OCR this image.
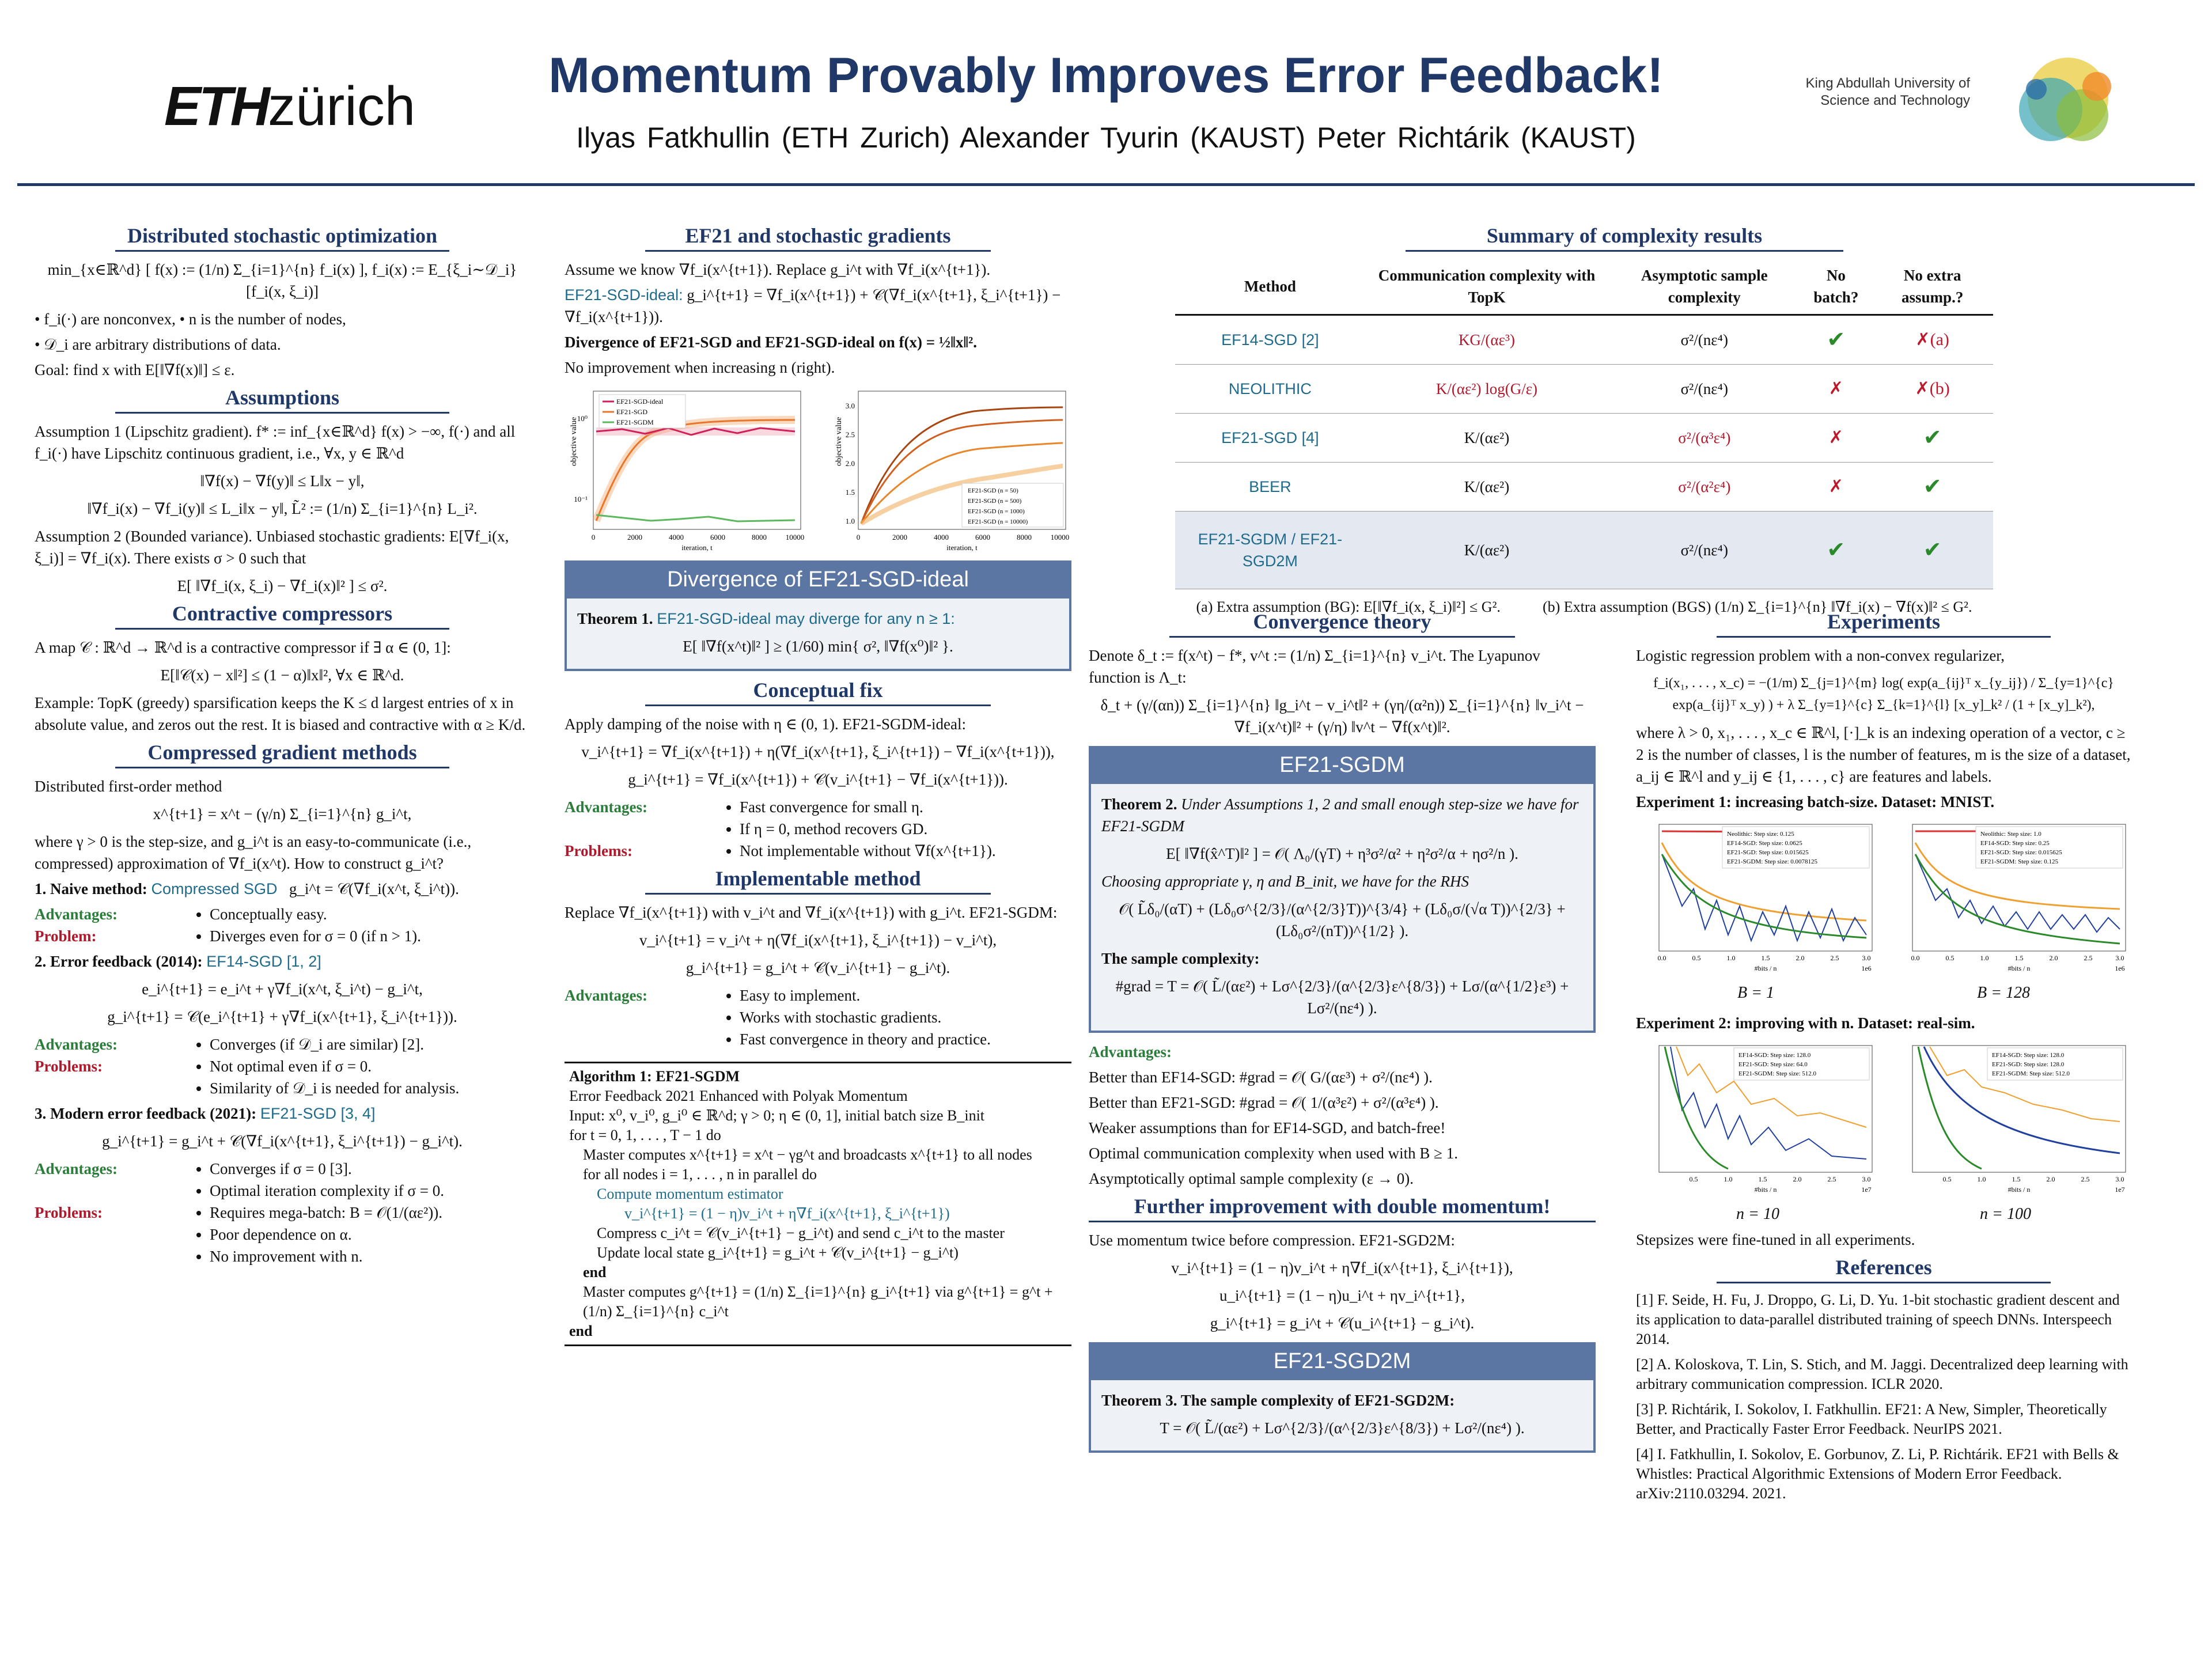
ETHzürich	Momentum Provably Improves Error Feedback!
Ilyas Fatkhullin (ETH Zurich) Alexander Tyurin (KAUST) Peter Richtárik (KAUST)
King Abdullah University of
Science and Technology
Distributed stochastic optimization
min_{x∈ℝ^d} [ f(x) := (1/n) Σ_{i=1}^{n} f_i(x) ], f_i(x) := E_{ξ_i∼𝒟_i}[f_i(x, ξ_i)]
• f_i(·) are nonconvex, • n is the number of nodes,
• 𝒟_i are arbitrary distributions of data.
Goal: find x with E[‖∇f(x)‖] ≤ ε.
Assumptions
Assumption 1 (Lipschitz gradient). f* := inf_{x∈ℝ^d} f(x) > −∞, f(·) and all f_i(·) have Lipschitz continuous gradient, i.e., ∀x, y ∈ ℝ^d
‖∇f(x) − ∇f(y)‖ ≤ L‖x − y‖,
‖∇f_i(x) − ∇f_i(y)‖ ≤ L_i‖x − y‖, L̃² := (1/n) Σ_{i=1}^{n} L_i².
Assumption 2 (Bounded variance). Unbiased stochastic gradients: E[∇f_i(x, ξ_i)] = ∇f_i(x). There exists σ > 0 such that
E[ ‖∇f_i(x, ξ_i) − ∇f_i(x)‖² ] ≤ σ².
Contractive compressors
A map 𝒞 : ℝ^d → ℝ^d is a contractive compressor if ∃ α ∈ (0, 1]:
E[‖𝒞(x) − x‖²] ≤ (1 − α)‖x‖², ∀x ∈ ℝ^d.
Example: TopK (greedy) sparsification keeps the K ≤ d largest entries of x in absolute value, and zeros out the rest. It is biased and contractive with α ≥ K/d.
Compressed gradient methods
Distributed first-order method
x^{t+1} = x^t − (γ/n) Σ_{i=1}^{n} g_i^t,
where γ > 0 is the step-size, and g_i^t is an easy-to-communicate (i.e., compressed) approximation of ∇f_i(x^t). How to construct g_i^t?
1. Naive method: Compressed SGD g_i^t = 𝒞(∇f_i(x^t, ξ_i^t)).
Advantages:	• Conceptually easy.
Problem:	• Diverges even for σ = 0 (if n > 1).
2. Error feedback (2014): EF14-SGD [1, 2]
e_i^{t+1} = e_i^t + γ∇f_i(x^t, ξ_i^t) − g_i^t,
g_i^{t+1} = 𝒞(e_i^{t+1} + γ∇f_i(x^{t+1}, ξ_i^{t+1})).
Advantages:	• Converges (if 𝒟_i are similar) [2].
Problems:	• Not optimal even if σ = 0.
• Similarity of 𝒟_i is needed for analysis.
3. Modern error feedback (2021): EF21-SGD [3, 4]
g_i^{t+1} = g_i^t + 𝒞(∇f_i(x^{t+1}, ξ_i^{t+1}) − g_i^t).
Advantages:	• Converges if σ = 0 [3].
• Optimal iteration complexity if σ = 0.
Problems:	• Requires mega-batch: B = 𝒪(1/(αε²)).
• Poor dependence on α.
• No improvement with n.
EF21 and stochastic gradients
Assume we know ∇f_i(x^{t+1}). Replace g_i^t with ∇f_i(x^{t+1}).
EF21-SGD-ideal: g_i^{t+1} = ∇f_i(x^{t+1}) + 𝒞(∇f_i(x^{t+1}, ξ_i^{t+1}) − ∇f_i(x^{t+1})).
Divergence of EF21-SGD and EF21-SGD-ideal on f(x) = ½‖x‖².
No improvement when increasing n (right).
objective value
10⁰
10⁻¹
0	2000	4000	6000	8000	10000
iteration, t
EF21-SGD-ideal
EF21-SGD
EF21-SGDM	objective value
1.0
1.5
2.0
2.5
3.0
0	2000	4000	6000	8000	10000
iteration, t
EF21-SGD (n = 50)
EF21-SGD (n = 500)
EF21-SGD (n = 1000)
EF21-SGD (n = 10000)
Divergence of EF21-SGD-ideal
Theorem 1. EF21-SGD-ideal may diverge for any n ≥ 1:
E[ ‖∇f(x^t)‖² ] ≥ (1/60) min{ σ², ‖∇f(x⁰)‖² }.
Conceptual fix
Apply damping of the noise with η ∈ (0, 1). EF21-SGDM-ideal:
v_i^{t+1} = ∇f_i(x^{t+1}) + η(∇f_i(x^{t+1}, ξ_i^{t+1}) − ∇f_i(x^{t+1})),
g_i^{t+1} = ∇f_i(x^{t+1}) + 𝒞(v_i^{t+1} − ∇f_i(x^{t+1})).
Advantages:	• Fast convergence for small η.
• If η = 0, method recovers GD.
Problems:	• Not implementable without ∇f(x^{t+1}).
Implementable method
Replace ∇f_i(x^{t+1}) with v_i^t and ∇f_i(x^{t+1}) with g_i^t. EF21-SGDM:
v_i^{t+1} = v_i^t + η(∇f_i(x^{t+1}, ξ_i^{t+1}) − v_i^t),
g_i^{t+1} = g_i^t + 𝒞(v_i^{t+1} − g_i^t).
Advantages:	• Easy to implement.
• Works with stochastic gradients.
• Fast convergence in theory and practice.
Algorithm 1: EF21-SGDM
Error Feedback 2021 Enhanced with Polyak Momentum
Input: x⁰, v_i⁰, g_i⁰ ∈ ℝ^d; γ > 0; η ∈ (0, 1], initial batch size B_init
for t = 0, 1, . . . , T − 1 do
Master computes x^{t+1} = x^t − γg^t and broadcasts x^{t+1} to all nodes
for all nodes i = 1, . . . , n in parallel do
Compute momentum estimator
v_i^{t+1} = (1 − η)v_i^t + η∇f_i(x^{t+1}, ξ_i^{t+1})
Compress c_i^t = 𝒞(v_i^{t+1} − g_i^t) and send c_i^t to the master
Update local state g_i^{t+1} = g_i^t + 𝒞(v_i^{t+1} − g_i^t)
end
Master computes g^{t+1} = (1/n) Σ_{i=1}^{n} g_i^{t+1} via g^{t+1} = g^t + (1/n) Σ_{i=1}^{n} c_i^t
end
Summary of complexity results
Method	Communication complexity with TopK	Asymptotic sample complexity	No batch?	No extra assump.?
EF14-SGD [2]	KG/(αε³)	σ²/(nε⁴)	✔	✗(a)
NEOLITHIC	K/(αε²) log(G/ε)	σ²/(nε⁴)	✗	✗(b)
EF21-SGD [4]	K/(αε²)	σ²/(α³ε⁴)	✗	✔
BEER	K/(αε²)	σ²/(α²ε⁴)	✗	✔
EF21-SGDM / EF21-SGD2M	K/(αε²)	σ²/(nε⁴)	✔	✔
(a) Extra assumption (BG): E[‖∇f_i(x, ξ_i)‖²] ≤ G².	(b) Extra assumption (BGS) (1/n) Σ_{i=1}^{n} ‖∇f_i(x) − ∇f(x)‖² ≤ G².
Convergence theory
Denote δ_t := f(x^t) − f*, v^t := (1/n) Σ_{i=1}^{n} v_i^t. The Lyapunov function is Λ_t:
δ_t + (γ/(αn)) Σ_{i=1}^{n} ‖g_i^t − v_i^t‖² + (γη/(α²n)) Σ_{i=1}^{n} ‖v_i^t − ∇f_i(x^t)‖² + (γ/η) ‖v^t − ∇f(x^t)‖².
EF21-SGDM
Theorem 2. Under Assumptions 1, 2 and small enough step-size we have for EF21-SGDM
E[ ‖∇f(x̂^T)‖² ] = 𝒪( Λ₀/(γT) + η³σ²/α² + η²σ²/α + ησ²/n ).
Choosing appropriate γ, η and B_init, we have for the RHS
𝒪( L̃δ₀/(αT) + (Lδ₀σ^{2/3}/(α^{2/3}T))^{3/4} + (Lδ₀σ/(√α T))^{2/3} + (Lδ₀σ²/(nT))^{1/2} ).
The sample complexity:
#grad = T = 𝒪( L̃/(αε²) + Lσ^{2/3}/(α^{2/3}ε^{8/3}) + Lσ/(α^{1/2}ε³) + Lσ²/(nε⁴) ).
Advantages:
Better than EF14-SGD: #grad = 𝒪( G/(αε³) + σ²/(nε⁴) ).
Better than EF21-SGD: #grad = 𝒪( 1/(α³ε²) + σ²/(α³ε⁴) ).
Weaker assumptions than for EF14-SGD, and batch-free!
Optimal communication complexity when used with B ≥ 1.
Asymptotically optimal sample complexity (ε → 0).
Further improvement with double momentum!
Use momentum twice before compression. EF21-SGD2M:
v_i^{t+1} = (1 − η)v_i^t + η∇f_i(x^{t+1}, ξ_i^{t+1}),
u_i^{t+1} = (1 − η)u_i^t + ηv_i^{t+1},
g_i^{t+1} = g_i^t + 𝒞(u_i^{t+1} − g_i^t).
EF21-SGD2M
Theorem 3. The sample complexity of EF21-SGD2M:
T = 𝒪( L̃/(αε²) + Lσ^{2/3}/(α^{2/3}ε^{8/3}) + Lσ²/(nε⁴) ).
Experiments
Logistic regression problem with a non-convex regularizer,
f_i(x₁, . . . , x_c) = −(1/m) Σ_{j=1}^{m} log( exp(a_{ij}ᵀ x_{y_ij}) / Σ_{y=1}^{c} exp(a_{ij}ᵀ x_y) ) + λ Σ_{y=1}^{c} Σ_{k=1}^{l} [x_y]_k² / (1 + [x_y]_k²),
where λ > 0, x₁, . . . , x_c ∈ ℝ^l, [·]_k is an indexing operation of a vector, c ≥ 2 is the number of classes, l is the number of features, m is the size of a dataset, a_ij ∈ ℝ^l and y_ij ∈ {1, . . . , c} are features and labels.
Experiment 1: increasing batch-size. Dataset: MNIST.
Neolithic: Step size: 0.125
EF14-SGD: Step size: 0.0625
EF21-SGD: Step size: 0.015625
EF21-SGDM: Step size: 0.0078125
0.0	0.5	1.0	1.5	2.0	2.5	3.0
#bits / n	1e6
Neolithic: Step size: 1.0
EF14-SGD: Step size: 0.25
EF21-SGD: Step size: 0.015625
EF21-SGDM: Step size: 0.125
0.0	0.5	1.0	1.5	2.0	2.5	3.0
#bits / n	1e6
B = 1	B = 128
Experiment 2: improving with n. Dataset: real-sim.
EF14-SGD: Step size: 128.0
EF21-SGD: Step size: 64.0
EF21-SGDM: Step size: 512.0
0.5	1.0	1.5	2.0	2.5	3.0
#bits / n	1e7
EF14-SGD: Step size: 128.0
EF21-SGD: Step size: 128.0
EF21-SGDM: Step size: 512.0
0.5	1.0	1.5	2.0	2.5	3.0
#bits / n	1e7
n = 10	n = 100
Stepsizes were fine-tuned in all experiments.
References
[1] F. Seide, H. Fu, J. Droppo, G. Li, D. Yu. 1-bit stochastic gradient descent and its application to data-parallel distributed training of speech DNNs. Interspeech 2014.
[2] A. Koloskova, T. Lin, S. Stich, and M. Jaggi. Decentralized deep learning with arbitrary communication compression. ICLR 2020.
[3] P. Richtárik, I. Sokolov, I. Fatkhullin. EF21: A New, Simpler, Theoretically Better, and Practically Faster Error Feedback. NeurIPS 2021.
[4] I. Fatkhullin, I. Sokolov, E. Gorbunov, Z. Li, P. Richtárik. EF21 with Bells & Whistles: Practical Algorithmic Extensions of Modern Error Feedback. arXiv:2110.03294. 2021.
